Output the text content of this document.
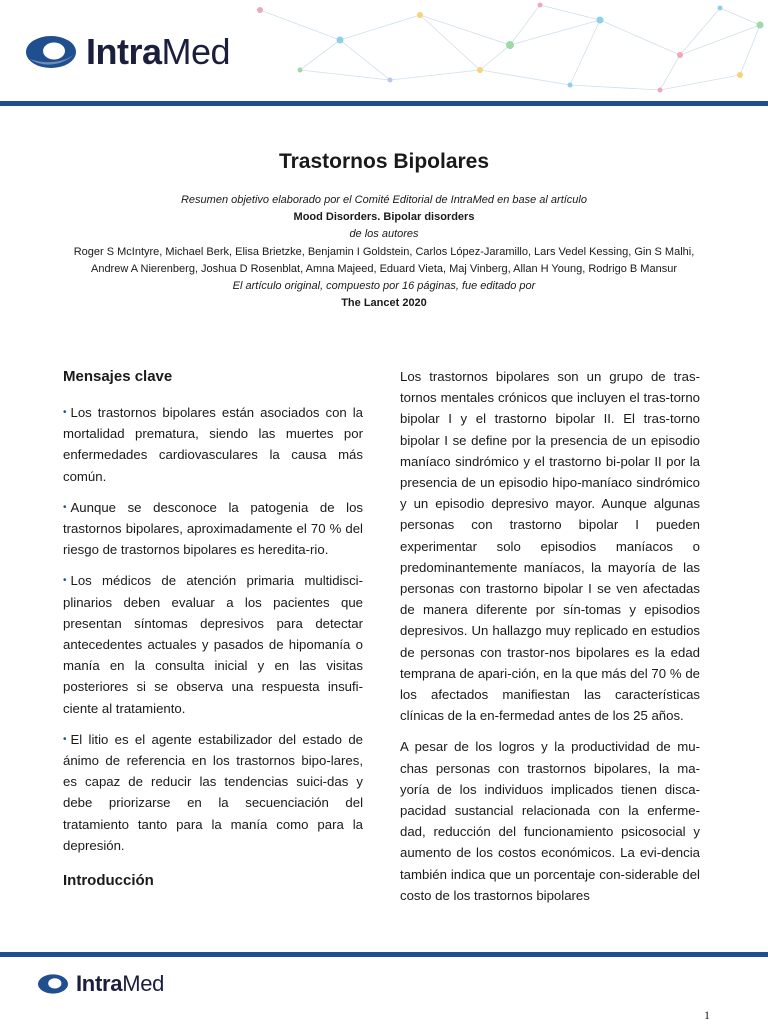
IntraMed
Trastornos Bipolares
Resumen objetivo elaborado por el Comité Editorial de IntraMed en base al artículo
Mood Disorders. Bipolar disorders
de los autores
Roger S McIntyre, Michael Berk, Elisa Brietzke, Benjamin I Goldstein, Carlos López-Jaramillo, Lars Vedel Kessing, Gin S Malhi,
Andrew A Nierenberg, Joshua D Rosenblat, Amna Majeed, Eduard Vieta, Maj Vinberg, Allan H Young, Rodrigo B Mansur
El artículo original, compuesto por 16 páginas, fue editado por
The Lancet 2020
Mensajes clave

• Los trastornos bipolares están asociados con la mortalidad prematura, siendo las muertes por enfermedades cardiovasculares la causa más común.

• Aunque se desconoce la patogenia de los trastornos bipolares, aproximadamente el 70 % del riesgo de trastornos bipolares es heredita-rio.

• Los médicos de atención primaria multidisci-plinarios deben evaluar a los pacientes que presentan síntomas depresivos para detectar antecedentes actuales y pasados de hipomanía o manía en la consulta inicial y en las visitas posteriores si se observa una respuesta insufi-ciente al tratamiento.

• El litio es el agente estabilizador del estado de ánimo de referencia en los trastornos bipo-lares, es capaz de reducir las tendencias suici-das y debe priorizarse en la secuenciación del tratamiento tanto para la manía como para la depresión.

Introducción

Los trastornos bipolares son un grupo de tras-tornos mentales crónicos que incluyen el tras-torno bipolar I y el trastorno bipolar II. El tras-torno bipolar I se define por la presencia de un episodio maníaco sindrómico y el trastorno bi-polar II por la presencia de un episodio hipo-maníaco sindrómico y un episodio depresivo mayor. Aunque algunas personas con trastorno bipolar I pueden experimentar solo episodios maníacos o predominantemente maníacos, la mayoría de las personas con trastorno bipolar I se ven afectadas de manera diferente por sín-tomas y episodios depresivos. Un hallazgo muy replicado en estudios de personas con trastor-nos bipolares es la edad temprana de apari-ción, en la que más del 70 % de los afectados manifiestan las características clínicas de la en-fermedad antes de los 25 años.

A pesar de los logros y la productividad de mu-chas personas con trastornos bipolares, la ma-yoría de los individuos implicados tienen disca-pacidad sustancial relacionada con la enferme-dad, reducción del funcionamiento psicosocial y aumento de los costos económicos. La evi-dencia también indica que un porcentaje con-siderable del costo de los trastornos bipolares

IntraMed
1
